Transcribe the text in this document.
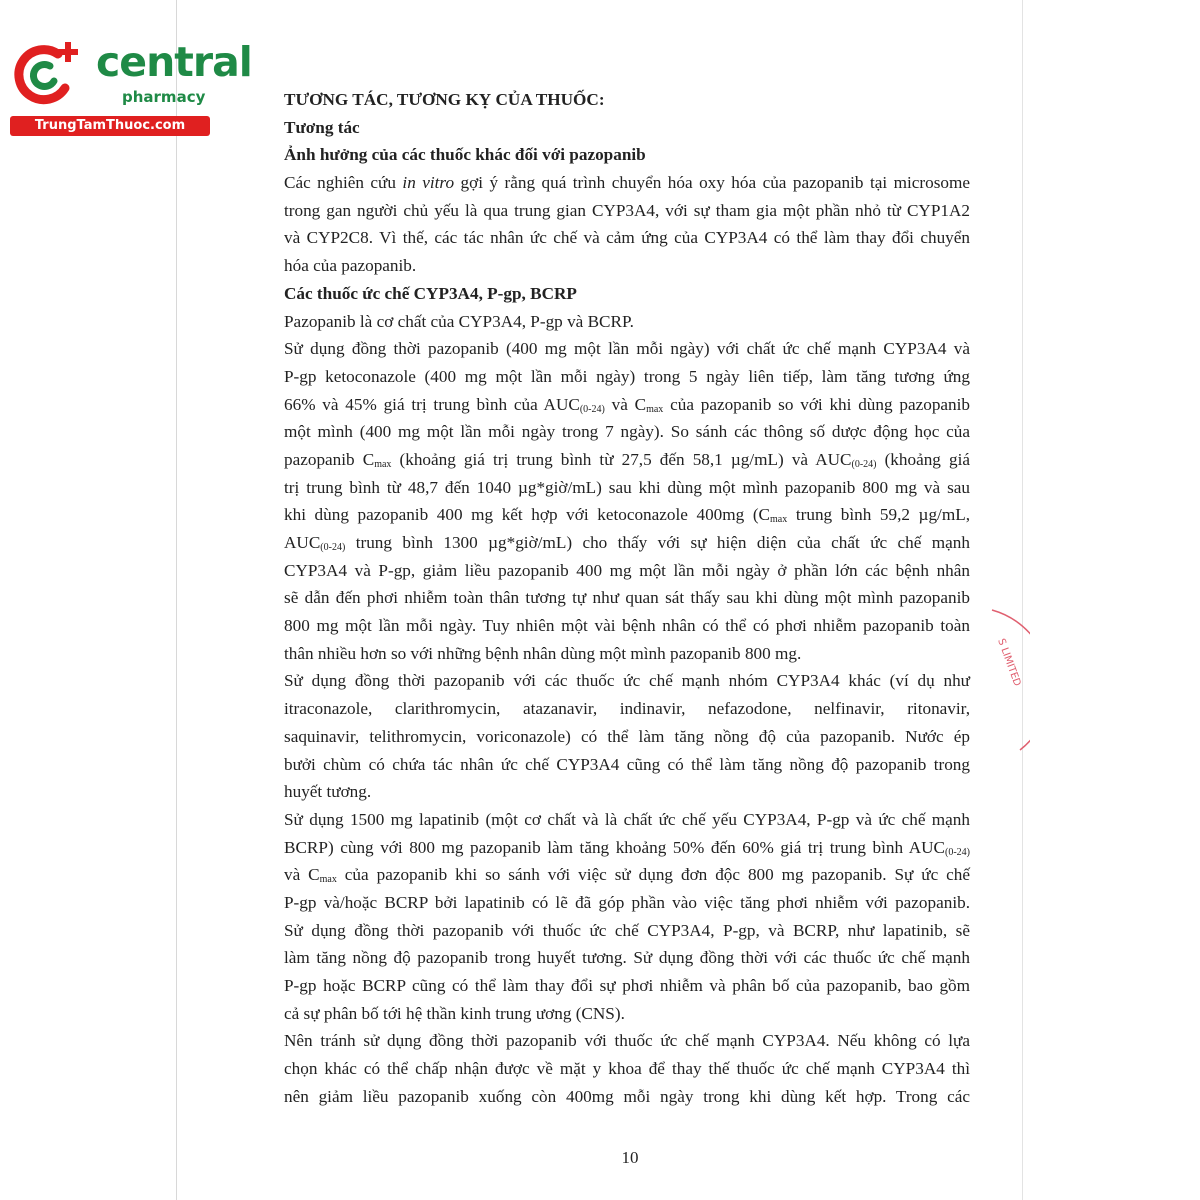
central
pharmacy
TrungTamThuoc.com
TƯƠNG TÁC, TƯƠNG KỴ CỦA THUỐC:
Tương tác
Ảnh hưởng của các thuốc khác đối với pazopanib
Các nghiên cứu in vitro gợi ý rằng quá trình chuyển hóa oxy hóa của pazopanib tại microsome
trong gan người chủ yếu là qua trung gian CYP3A4, với sự tham gia một phần nhỏ từ CYP1A2
và CYP2C8. Vì thế, các tác nhân ức chế và cảm ứng của CYP3A4 có thể làm thay đổi chuyển
hóa của pazopanib.
Các thuốc ức chế CYP3A4, P-gp, BCRP
Pazopanib là cơ chất của CYP3A4, P-gp và BCRP.
Sử dụng đồng thời pazopanib (400 mg một lần mỗi ngày) với chất ức chế mạnh CYP3A4 và
P-gp ketoconazole (400 mg một lần mỗi ngày) trong 5 ngày liên tiếp, làm tăng tương ứng
66% và 45% giá trị trung bình của $AUC_{(0-24)}$ và $C_{max}$ của pazopanib so với khi dùng pazopanib
một mình (400 mg một lần mỗi ngày trong 7 ngày). So sánh các thông số dược động học của
pazopanib $C_{max}$ (khoảng giá trị trung bình từ 27,5 đến 58,1 µg/mL) và $AUC_{(0-24)}$ (khoảng giá
trị trung bình từ 48,7 đến 1040 µg*giờ/mL) sau khi dùng một mình pazopanib 800 mg và sau
khi dùng pazopanib 400 mg kết hợp với ketoconazole 400mg ($C_{max}$ trung bình 59,2 µg/mL,
$AUC_{(0-24)}$ trung bình 1300 µg*giờ/mL) cho thấy với sự hiện diện của chất ức chế mạnh
CYP3A4 và P-gp, giảm liều pazopanib 400 mg một lần mỗi ngày ở phần lớn các bệnh nhân
sẽ dẫn đến phơi nhiễm toàn thân tương tự như quan sát thấy sau khi dùng một mình pazopanib
800 mg một lần mỗi ngày. Tuy nhiên một vài bệnh nhân có thể có phơi nhiễm pazopanib toàn
thân nhiều hơn so với những bệnh nhân dùng một mình pazopanib 800 mg.
Sử dụng đồng thời pazopanib với các thuốc ức chế mạnh nhóm CYP3A4 khác (ví dụ như
itraconazole, clarithromycin, atazanavir, indinavir, nefazodone, nelfinavir, ritonavir,
saquinavir, telithromycin, voriconazole) có thể làm tăng nồng độ của pazopanib. Nước ép
bưởi chùm có chứa tác nhân ức chế CYP3A4 cũng có thể làm tăng nồng độ pazopanib trong
huyết tương.
Sử dụng 1500 mg lapatinib (một cơ chất và là chất ức chế yếu CYP3A4, P-gp và ức chế mạnh
BCRP) cùng với 800 mg pazopanib làm tăng khoảng 50% đến 60% giá trị trung bình $AUC_{(0-24)}$
và $C_{max}$ của pazopanib khi so sánh với việc sử dụng đơn độc 800 mg pazopanib. Sự ức chế
P-gp và/hoặc BCRP bởi lapatinib có lẽ đã góp phần vào việc tăng phơi nhiễm với pazopanib.
Sử dụng đồng thời pazopanib với thuốc ức chế CYP3A4, P-gp, và BCRP, như lapatinib, sẽ
làm tăng nồng độ pazopanib trong huyết tương. Sử dụng đồng thời với các thuốc ức chế mạnh
P-gp hoặc BCRP cũng có thể làm thay đổi sự phơi nhiễm và phân bố của pazopanib, bao gồm
cả sự phân bố tới hệ thần kinh trung ương (CNS).
Nên tránh sử dụng đồng thời pazopanib với thuốc ức chế mạnh CYP3A4. Nếu không có lựa
chọn khác có thể chấp nhận được về mặt y khoa để thay thế thuốc ức chế mạnh CYP3A4 thì
nên giảm liều pazopanib xuống còn 400mg mỗi ngày trong khi dùng kết hợp. Trong các
10
S LIMITED
